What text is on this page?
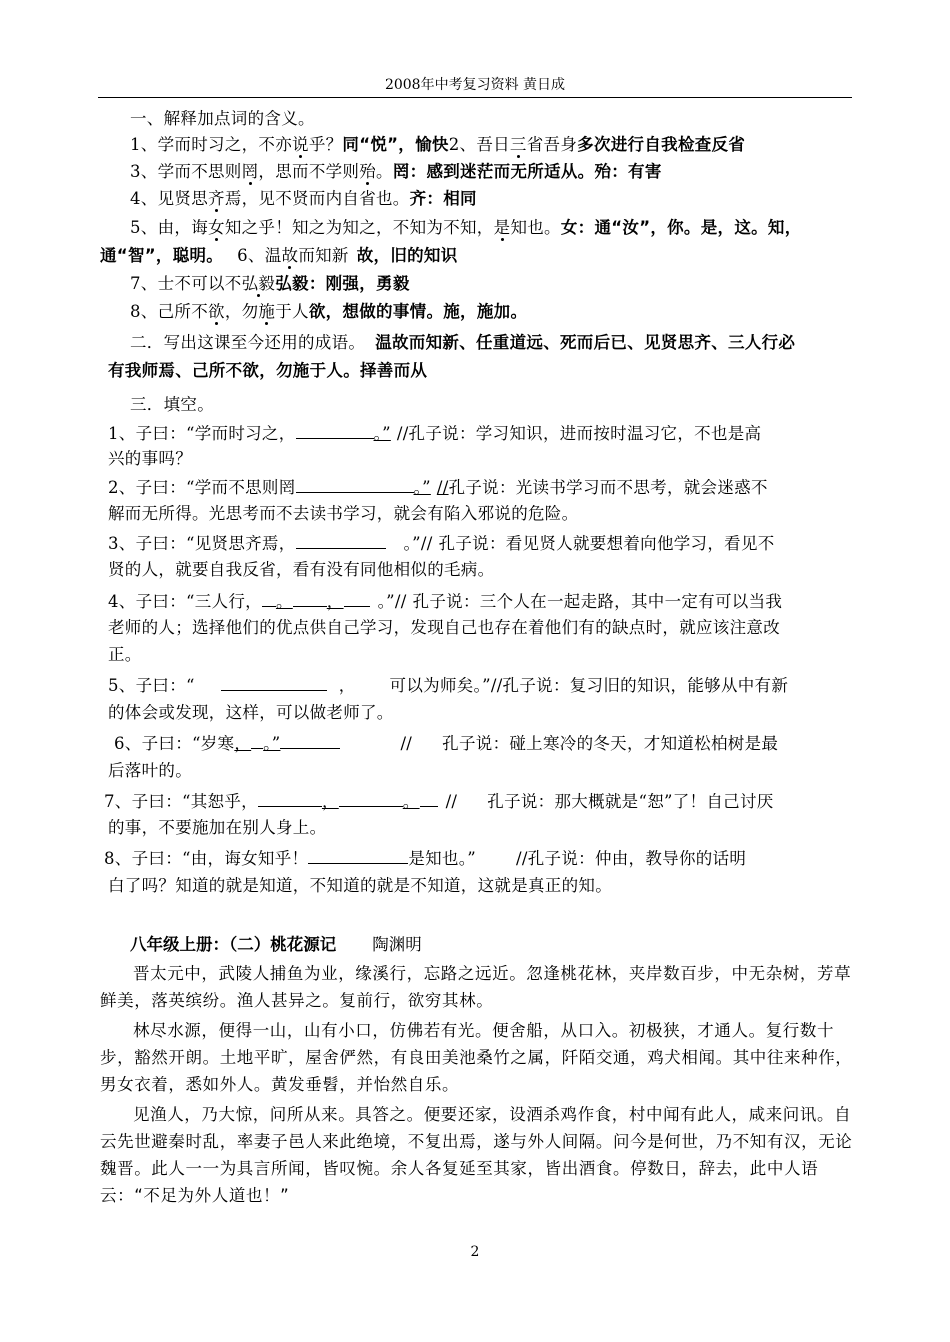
2008年中考复习资料 黄日成
一、解释加点词的含义。
1、学而时习之，不亦说乎？同“悦”，愉快2、吾日三省吾身多次进行自我检查反省
3、学而不思则罔，思而不学则殆。罔：感到迷茫而无所适从。殆：有害
4、见贤思齐焉，见不贤而内自省也。齐：相同
5、由，诲女知之乎！知之为知之，不知为不知，是知也。女：通“汝”，你。是，这。知，
通“智”，聪明。 6、温故而知新 故，旧的知识
7、士不可以不弘毅弘毅：刚强，勇毅
8、己所不欲，勿施于人欲，想做的事情。施，施加。
二．写出这课至今还用的成语。 温故而知新、任重道远、死而后已、见贤思齐、三人行必
有我师焉、己所不欲，勿施于人。择善而从
三．填空。
1、子曰：“学而时习之，	。” //孔子说：学习知识，进而按时温习它，不也是高
兴的事吗？
2、子曰：“学而不思则罔	。” //孔子说：光读书学习而不思考，就会迷惑不
解而无所得。光思考而不去读书学习，就会有陷入邪说的危险。
3、子曰：“见贤思齐焉，	。”// 孔子说：看见贤人就要想着向他学习，看见不
贤的人，就要自我反省，看有没有同他相似的毛病。
4、子曰：“三人行， 。 ， 。”// 孔子说：三个人在一起走路，其中一定有可以当我
老师的人；选择他们的优点供自己学习，发现自己也存在着他们有的缺点时，就应该注意改
正。
5、子曰：“	， 可以为师矣。”//孔子说：复习旧的知识，能够从中有新
的体会或发现，这样，可以做老师了。
6、子曰：“岁寒， 。”	// 孔子说：碰上寒冷的冬天，才知道松柏树是最
后落叶的。
7、子曰：“其恕乎，	，	。 // 孔子说：那大概就是“恕”了！自己讨厌
的事，不要施加在别人身上。
8、子曰：“由，诲女知乎！	是知也。” //孔子说：仲由，教导你的话明
白了吗？知道的就是知道，不知道的就是不知道，这就是真正的知。
八年级上册：（二）桃花源记 陶渊明

晋太元中，武陵人捕鱼为业，缘溪行，忘路之远近。忽逢桃花林，夹岸数百步，中无杂树，芳草鲜美，落英缤纷。渔人甚异之。复前行，欲穷其林。

林尽水源，便得一山，山有小口，仿佛若有光。便舍船，从口入。初极狭，才通人。复行数十步，豁然开朗。土地平旷，屋舍俨然，有良田美池桑竹之属，阡陌交通，鸡犬相闻。其中往来种作，男女衣着，悉如外人。黄发垂髫，并怡然自乐。

见渔人，乃大惊，问所从来。具答之。便要还家，设酒杀鸡作食，村中闻有此人，咸来问讯。自云先世避秦时乱，率妻子邑人来此绝境，不复出焉，遂与外人间隔。问今是何世，乃不知有汉，无论魏晋。此人一一为具言所闻，皆叹惋。余人各复延至其家，皆出酒食。停数日，辞去，此中人语云：“不足为外人道也！”

2
